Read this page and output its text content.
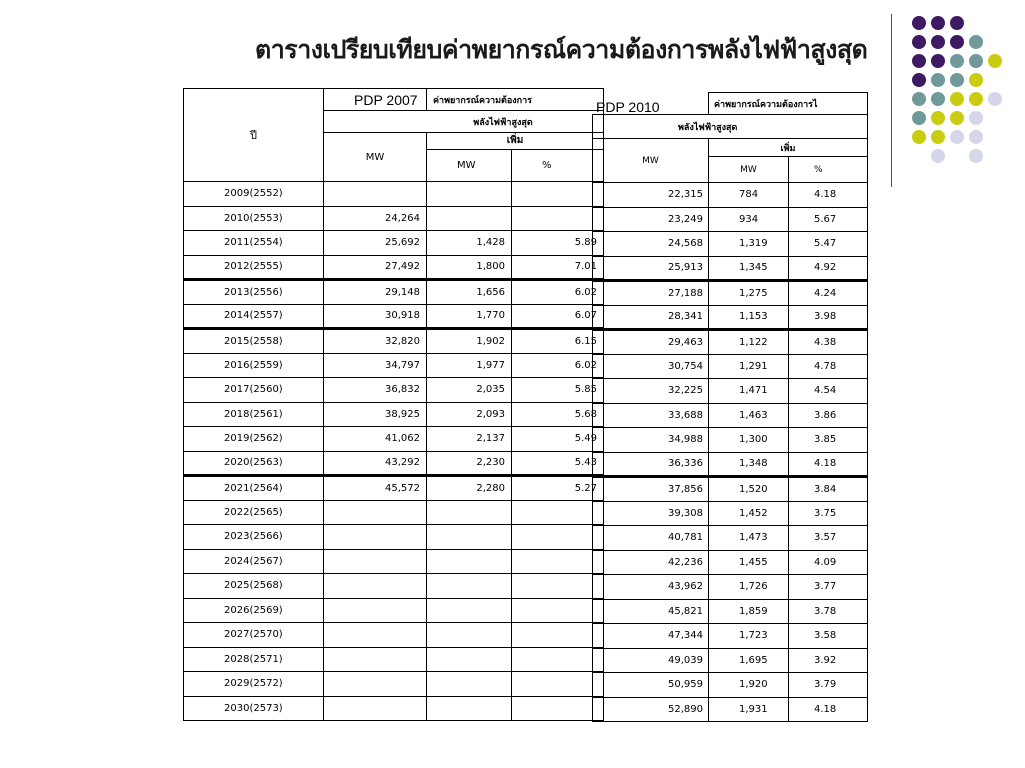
ตารางเปรียบเทียบค่าพยากรณ์ความต้องการพลังไฟฟ้าสูงสุด
ปี		ค่าพยากรณ์ความต้องการ	
	พลังไฟฟ้าสูงสุด		
	MW	เพิ่ม
MW %	

2009(2552)			
2010(2553)	24,264		
2011(2554)	25,692	1,428	5.89
2012(2555)	27,492	1,800	7.01
2013(2556)	29,148	1,656	6.02
2014(2557)	30,918	1,770	6.07
2015(2558)	32,820	1,902	6.15
2016(2559)	34,797	1,977	6.02
2017(2560)	36,832	2,035	5.85
2018(2561)	38,925	2,093	5.68
2019(2562)	41,062	2,137	5.49
2020(2563)	43,292	2,230	5.43
2021(2564)	45,572	2,280	5.27
2022(2565)			
2023(2566)			
2024(2567)			
2025(2568)			
2026(2569)			
2027(2570)			
2028(2571)			
2029(2572)			
2030(2573)			
PDP 2007
		ค่าพยากรณ์ความต้องการไ	
พลังไฟฟ้าสูงสุด		
MW	เพิ่ม	
	MW	%
22,315	784	4.18
23,249	934	5.67
24,568	1,319	5.47
25,913	1,345	4.92
27,188	1,275	4.24
28,341	1,153	3.98
29,463	1,122	4.38
30,754	1,291	4.78
32,225	1,471	4.54
33,688	1,463	3.86
34,988	1,300	3.85
36,336	1,348	4.18
37,856	1,520	3.84
39,308	1,452	3.75
40,781	1,473	3.57
42,236	1,455	4.09
43,962	1,726	3.77
45,821	1,859	3.78
47,344	1,723	3.58
49,039	1,695	3.92
50,959	1,920	3.79
52,890	1,931	4.18
PDP 2010
